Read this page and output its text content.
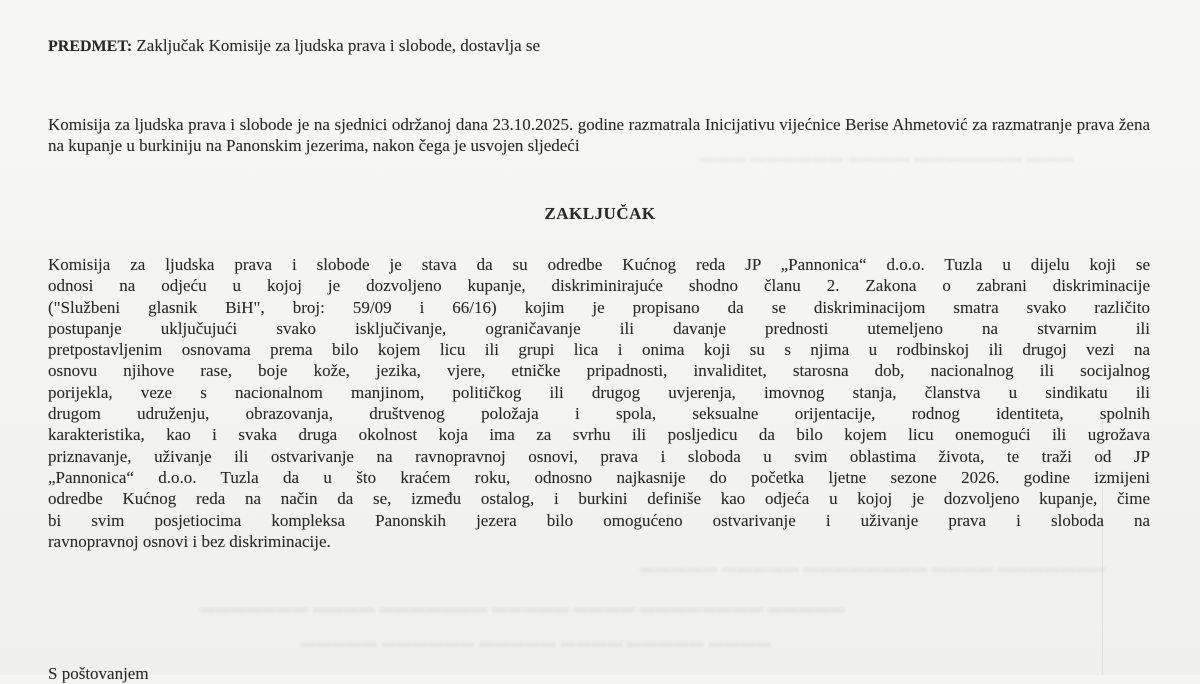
PREDMET: Zaključak Komisije za ljudska prava i slobode, dostavlja se
Komisija za ljudska prava i slobode je na sjednici održanoj dana 23.10.2025. godine razmatrala Inicijativu vijećnice Berise Ahmetović za razmatranje prava žena na kupanje u burkiniju na Panonskim jezerima, nakon čega je usvojen sljedeći
ZAKLJUČAK
Komisija za ljudska prava i slobode je stava da su odredbe Kućnog reda JP „Pannonica“ d.o.o. Tuzla u dijelu koji se
odnosi na odjeću u kojoj je dozvoljeno kupanje, diskriminirajuće shodno članu 2. Zakona o zabrani diskriminacije
("Službeni glasnik BiH", broj: 59/09 i 66/16) kojim je propisano da se diskriminacijom smatra svako različito
postupanje uključujući svako isključivanje, ograničavanje ili davanje prednosti utemeljeno na stvarnim ili
pretpostavljenim osnovama prema bilo kojem licu ili grupi lica i onima koji su s njima u rodbinskoj ili drugoj vezi na
osnovu njihove rase, boje kože, jezika, vjere, etničke pripadnosti, invaliditet, starosna dob, nacionalnog ili socijalnog
porijekla, veze s nacionalnom manjinom, političkog ili drugog uvjerenja, imovnog stanja, članstva u sindikatu ili
drugom udruženju, obrazovanja, društvenog položaja i spola, seksualne orijentacije, rodnog identiteta, spolnih
karakteristika, kao i svaka druga okolnost koja ima za svrhu ili posljedicu da bilo kojem licu onemogući ili ugrožava
priznavanje, uživanje ili ostvarivanje na ravnopravnoj osnovi, prava i sloboda u svim oblastima života, te traži od JP
„Pannonica“ d.o.o. Tuzla da u što kraćem roku, odnosno najkasnije do početka ljetne sezone 2026. godine izmijeni
odredbe Kućnog reda na način da se, između ostalog, i burkini definiše kao odjeća u kojoj je dozvoljeno kupanje, čime
bi svim posjetiocima kompleksa Panonskih jezera bilo omogućeno ostvarivanje i uživanje prava i sloboda na
ravnopravnoj osnovi i bez diskriminacije.
S poštovanjem
